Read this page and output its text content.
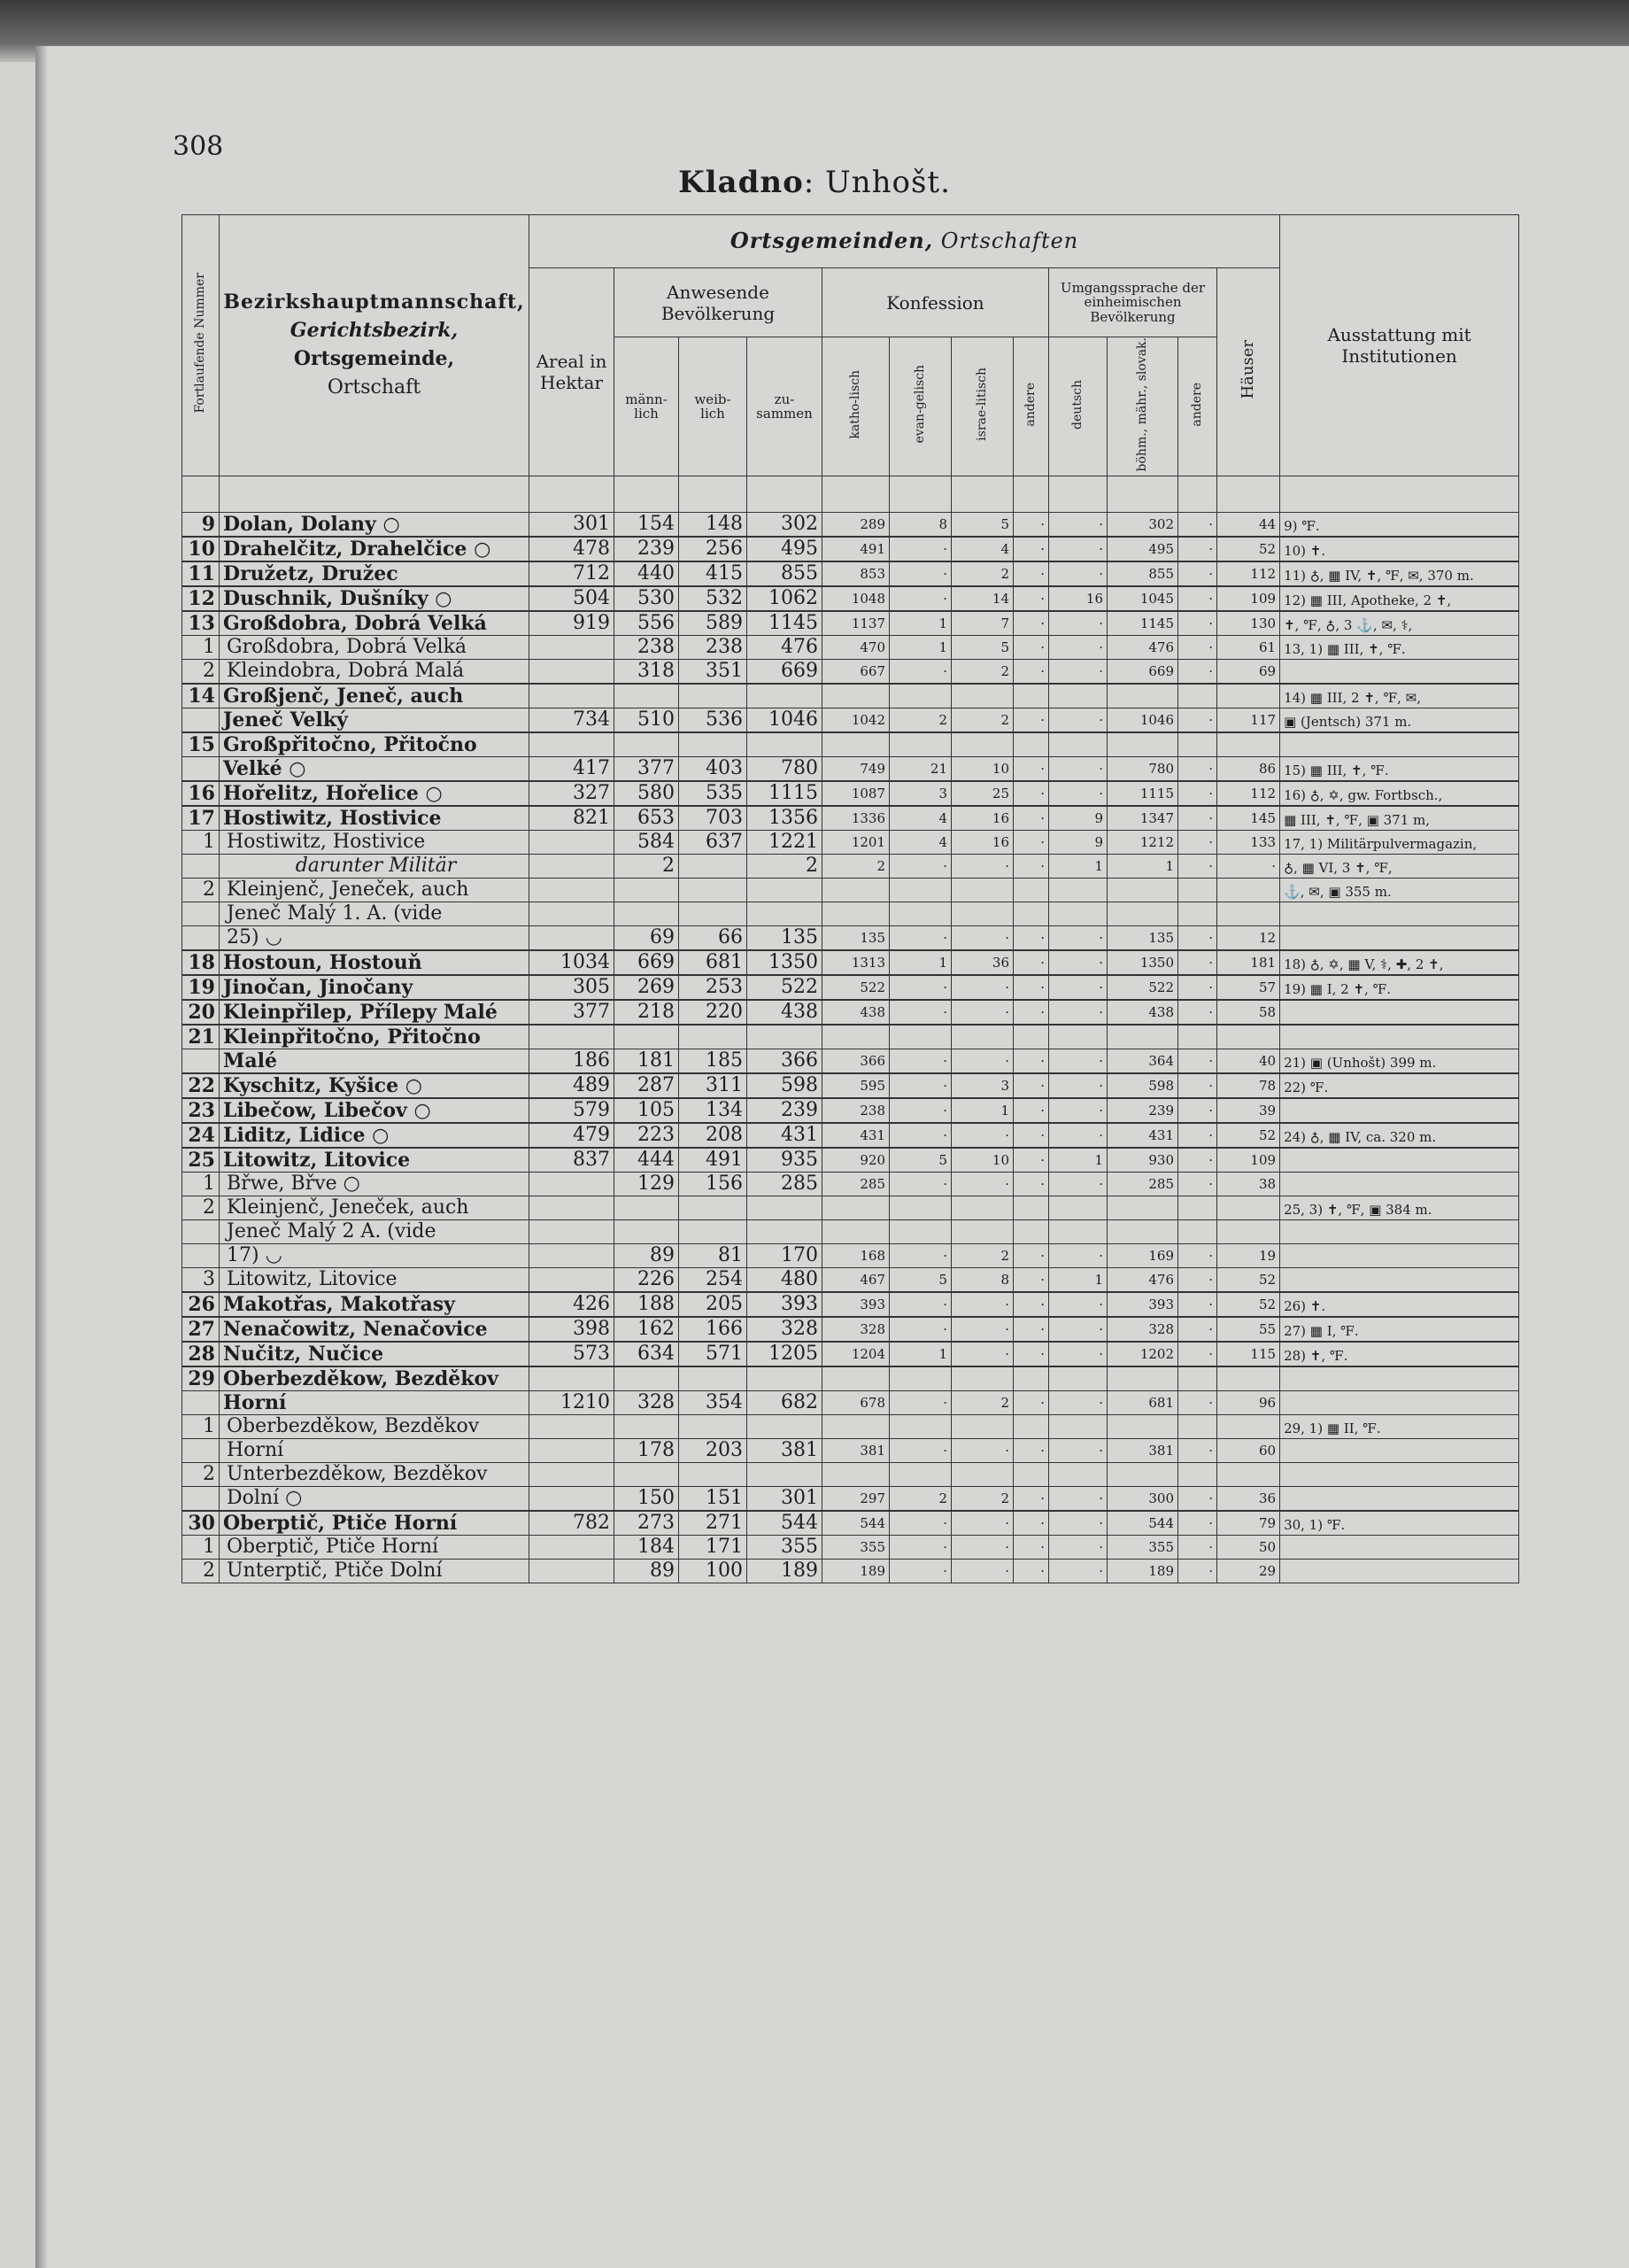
308
Kladno: Unhošt.
Fortlaufende Nummer	Bezirkshauptmannschaft,
Gerichtsbezirk,
Ortsgemeinde,
Ortschaft	Ortsgemeinden, Ortschaften												Ausstattung mit Institutionen
		Areal in Hektar	Anwesende Bevölkerung			Konfession				Umgangssprache der einheimischen Bevölkerung			Häuser	
			männ-lich	weib-lich	zu-sammen	katho-lisch	evan-gelisch	israe-litisch	andere	deutsch	böhm., mähr., slovak.	andere		

9	Dolan, Dolany ○	301	154	148	302	289	8	5	·	·	302	·	44	9) ℉.
10	Drahelčitz, Drahelčice ○	478	239	256	495	491	·	4	·	·	495	·	52	10) ✝.
11	Družetz, Družec	712	440	415	855	853	·	2	·	·	855	·	112	11) ♁, ▦ IV, ✝, ℉, ✉, 370 m.
12	Duschnik, Dušníky ○	504	530	532	1062	1048	·	14	·	16	1045	·	109	12) ▦ III, Apotheke, 2 ✝,
13	Großdobra, Dobrá Velká	919	556	589	1145	1137	1	7	·	·	1145	·	130	✝, ℉, ♁, 3 ⚓, ✉, ⚕,
1	Großdobra, Dobrá Velká		238	238	476	470	1	5	·	·	476	·	61	13, 1) ▦ III, ✝, ℉.
2	Kleindobra, Dobrá Malá		318	351	669	667	·	2	·	·	669	·	69	
14	Großjenč, Jeneč, auch													14) ▦ III, 2 ✝, ℉, ✉,
	Jeneč Velký	734	510	536	1046	1042	2	2	·	·	1046	·	117	▣ (Jentsch) 371 m.
15	Großpřitočno, Přitočno													
	Velké ○	417	377	403	780	749	21	10	·	·	780	·	86	15) ▦ III, ✝, ℉.
16	Hořelitz, Hořelice ○	327	580	535	1115	1087	3	25	·	·	1115	·	112	16) ♁, ✡, gw. Fortbsch.,
17	Hostiwitz, Hostivice	821	653	703	1356	1336	4	16	·	9	1347	·	145	▦ III, ✝, ℉, ▣ 371 m,
1	Hostiwitz, Hostivice		584	637	1221	1201	4	16	·	9	1212	·	133	17, 1) Militärpulvermagazin,
	darunter Militär		2		2	2	·	·	·	1	1	·	·	♁, ▦ VI, 3 ✝, ℉,
2	Kleinjenč, Jeneček, auch													⚓, ✉, ▣ 355 m.
	Jeneč Malý 1. A. (vide													
	25) ◡		69	66	135	135	·	·	·	·	135	·	12	
18	Hostoun, Hostouň	1034	669	681	1350	1313	1	36	·	·	1350	·	181	18) ♁, ✡, ▦ V, ⚕, ✚, 2 ✝,
19	Jinočan, Jinočany	305	269	253	522	522	·	·	·	·	522	·	57	19) ▦ I, 2 ✝, ℉.
20	Kleinpřilep, Přílepy Malé	377	218	220	438	438	·	·	·	·	438	·	58	
21	Kleinpřitočno, Přitočno													
	Malé	186	181	185	366	366	·	·	·	·	364	·	40	21) ▣ (Unhošt) 399 m.
22	Kyschitz, Kyšice ○	489	287	311	598	595	·	3	·	·	598	·	78	22) ℉.
23	Libečow, Libečov ○	579	105	134	239	238	·	1	·	·	239	·	39	
24	Liditz, Lidice ○	479	223	208	431	431	·	·	·	·	431	·	52	24) ♁, ▦ IV, ca. 320 m.
25	Litowitz, Litovice	837	444	491	935	920	5	10	·	1	930	·	109	
1	Břwe, Břve ○		129	156	285	285	·	·	·	·	285	·	38	
2	Kleinjenč, Jeneček, auch													25, 3) ✝, ℉, ▣ 384 m.
	Jeneč Malý 2 A. (vide													
	17) ◡		89	81	170	168	·	2	·	·	169	·	19	
3	Litowitz, Litovice		226	254	480	467	5	8	·	1	476	·	52	
26	Makotřas, Makotřasy	426	188	205	393	393	·	·	·	·	393	·	52	26) ✝.
27	Nenačowitz, Nenačovice	398	162	166	328	328	·	·	·	·	328	·	55	27) ▦ I, ℉.
28	Nučitz, Nučice	573	634	571	1205	1204	1	·	·	·	1202	·	115	28) ✝, ℉.
29	Oberbezděkow, Bezděkov													
	Horní	1210	328	354	682	678	·	2	·	·	681	·	96	
1	Oberbezděkow, Bezděkov													29, 1) ▦ II, ℉.
	Horní		178	203	381	381	·	·	·	·	381	·	60	
2	Unterbezděkow, Bezděkov													
	Dolní ○		150	151	301	297	2	2	·	·	300	·	36	
30	Oberptič, Ptiče Horní	782	273	271	544	544	·	·	·	·	544	·	79	30, 1) ℉.
1	Oberptič, Ptiče Horní		184	171	355	355	·	·	·	·	355	·	50	
2	Unterptič, Ptiče Dolní		89	100	189	189	·	·	·	·	189	·	29	
